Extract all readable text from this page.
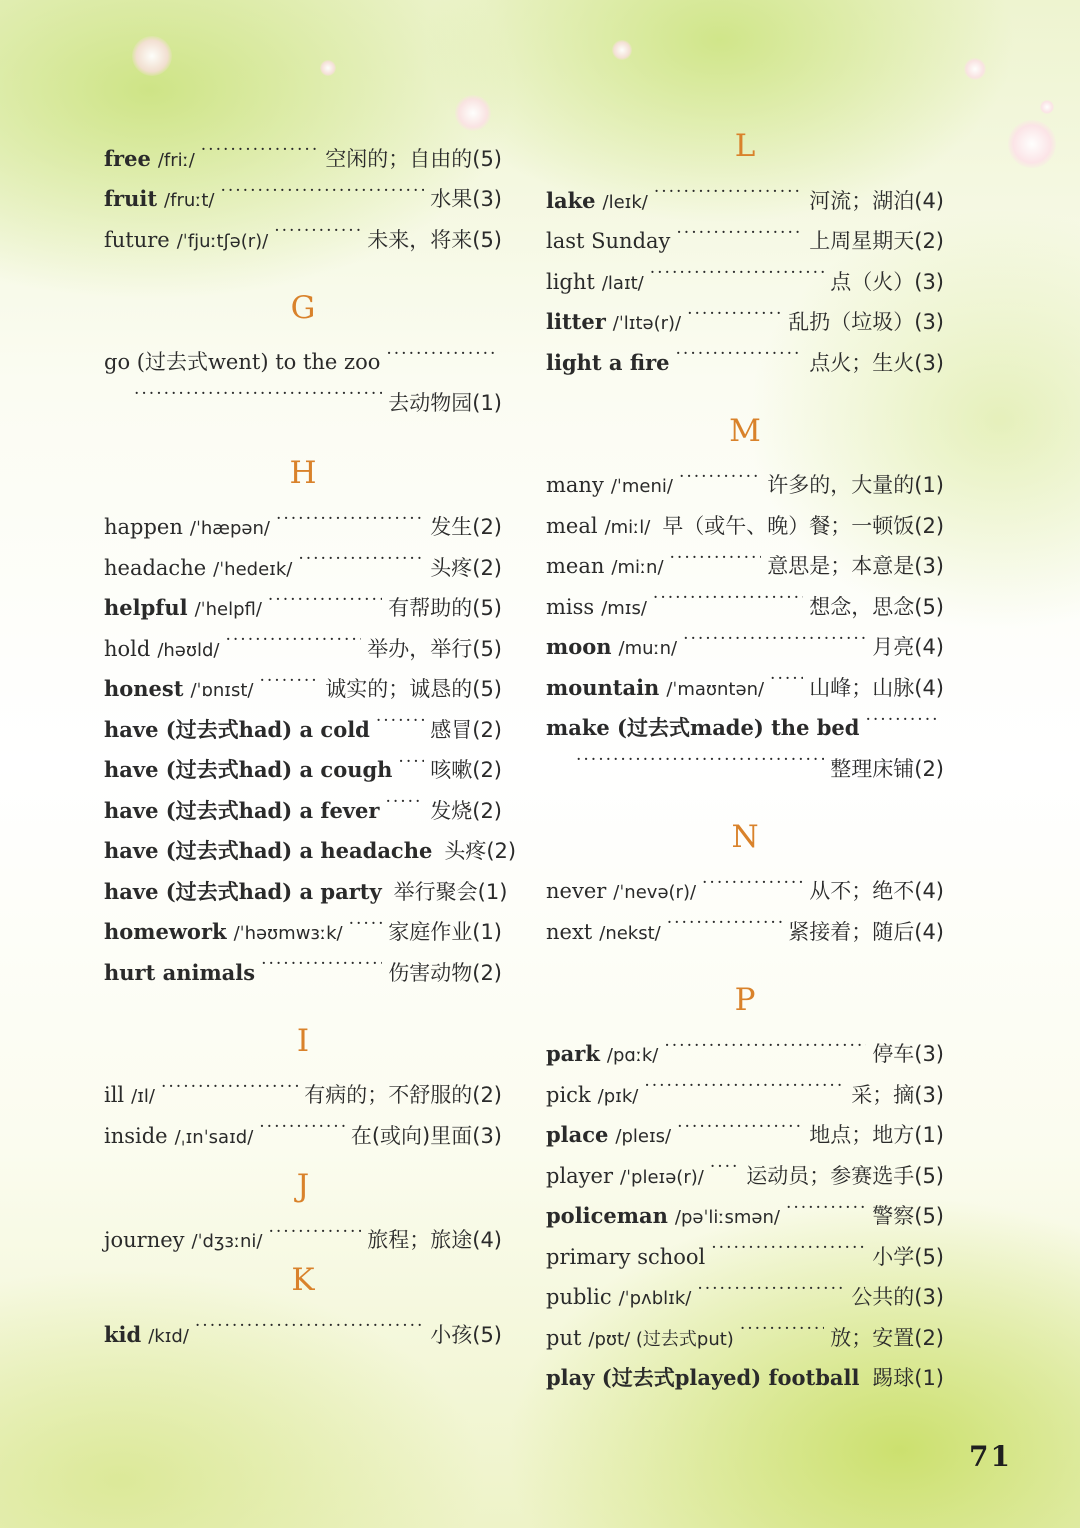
free /friː/ .....	空闲的；自由的(5)
fruit /fruːt/ .....	水果(3)
future /ˈfjuːtʃə(r)/ .....	未来，将来(5)
G
go (过去式went) to the zoo
.....
.....
去动物园(1)
H
happen /ˈhæpən/ .....	发生(2)
headache /ˈhedeɪk/ .....	头疼(2)
helpful /ˈhelpfl/ .....	有帮助的(5)
hold /həʊld/ .....	举办，举行(5)
honest /ˈɒnɪst/ .....	诚实的；诚恳的(5)
have (过去式had) a cold .....	感冒(2)
have (过去式had) a cough ..... 咳嗽(2)
have (过去式had) a fever ..... 发烧(2)
have (过去式had) a headache 头疼(2)
have (过去式had) a party 举行聚会(1)
homework /ˈhəʊmwɜːk/ ..... 家庭作业(1)
hurt animals .....	伤害动物(2)
I
ill /ɪl/ .....	有病的；不舒服的(2)
inside /ˌɪnˈsaɪd/ .....	在(或向)里面(3)
J
journey /ˈdʒɜːni/ .....	旅程；旅途(4)
K
kid /kɪd/ .....	小孩(5)
L
lake /leɪk/ .....	河流；湖泊(4)
last Sunday .....	上周星期天(2)
light /laɪt/ .....	点（火）(3)
litter /ˈlɪtə(r)/ .....	乱扔（垃圾）(3)
light a fire .....	点火；生火(3)
M
many /ˈmeni/ .....	许多的，大量的(1)
meal /miːl/ 早（或午、晚）餐；一顿饭(2)
mean /miːn/ .....	意思是；本意是(3)
miss /mɪs/ .....	想念，思念(5)
moon /muːn/ .....	月亮(4)
mountain /ˈmaʊntən/ ..... 山峰；山脉(4)
make (过去式made) the bed
.....
.....
整理床铺(2)
N
never /ˈnevə(r)/ .....	从不；绝不(4)
next /nekst/ .....	紧接着；随后(4)
P
park /pɑːk/ .....	停车(3)
pick /pɪk/ .....	采；摘(3)
place /pleɪs/ .....	地点；地方(1)
player /ˈpleɪə(r)/ ..... 运动员；参赛选手(5)
policeman /pəˈliːsmən/ .....	警察(5)
primary school .....	小学(5)
public /ˈpʌblɪk/ .....	公共的(3)
put /pʊt/ (过去式put) .....	放；安置(2)
play (过去式played) football ..... 踢球(1)
71
